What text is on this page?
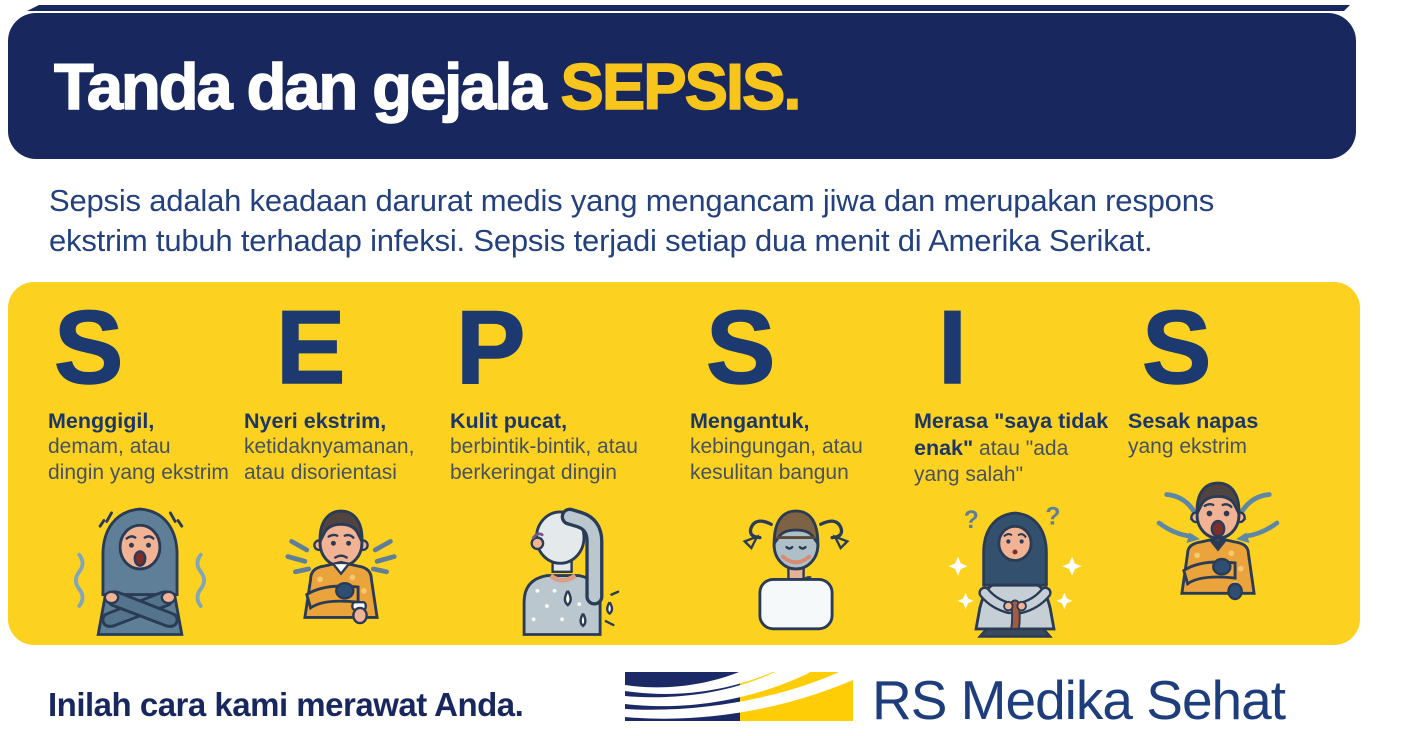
Tanda dan gejala SEPSIS.

Sepsis adalah keadaan darurat medis yang mengancam jiwa dan merupakan respons
ekstrim tubuh terhadap infeksi. Sepsis terjadi setiap dua menit di Amerika Serikat.

S
Menggigil,
demam, atau dingin yang ekstrim
E
Nyeri ekstrim,
ketidaknyamanan, atau disorientasi
P
Kulit pucat,
berbintik-bintik, atau berkeringat dingin
S
Mengantuk,
kebingungan, atau kesulitan bangun
I
Merasa "saya tidak enak" atau "ada yang salah"
?	?
S
Sesak napas
yang ekstrim
Inilah cara kami merawat Anda.	RS Medika Sehat
